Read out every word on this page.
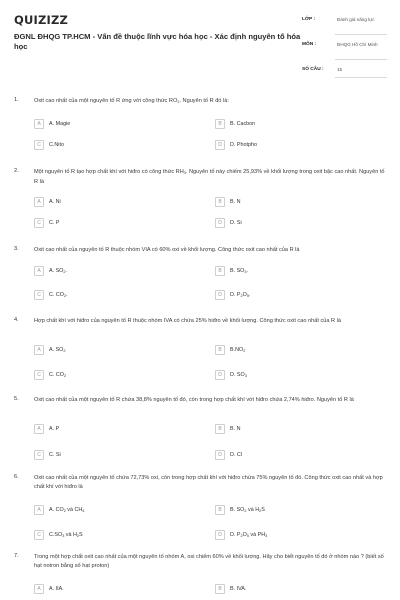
QUIZIZZ
ĐGNL ĐHQG TP.HCM - Vấn đề thuộc lĩnh vực hóa học - Xác định nguyên tố hóa học
LỚP :	Đánh giá năng lực
MÔN :	ĐHQG Hồ Chí Minh
SỐ CÂU :	15
1.	Oxit cao nhất của một nguyên tố R ứng với công thức $RO_2$. Nguyên tố R đó là:
A	A. Magie	B	B. Cacbon
C	C.Nito	D	D. Photpho
2.	Một nguyên tố R tạo hợp chất khí với hiđro có công thức $RH_3$. Nguyên tố này chiếm 25,93% về khối lượng trong oxit bậc cao nhất. Nguyên tố R là
A	A. Ni	B	B. N
C	C. P	D	D. Si
3.	Oxit cao nhất của nguyên tố R thuộc nhóm VIA có 60% oxi về khối lượng. Công thức oxit cao nhất của R là
A	A. $SO_2$.	B	B. $SO_3$.
C	C. $CO_2$.	D	D. $P_2O_5$.
4.	Hợp chất khí với hiđro của nguyên tố R thuộc nhóm IVA có chứa 25% hiđro về khối lượng. Công thức oxit cao nhất của R là
A	A. $SO_2$	B	$B.NO_2$
C	C. $CO_2$	D	D. $SO_3$
5.	Oxit cao nhất của một nguyên tố R chứa 38,8% nguyên tố đó, còn trong hợp chất khí với hiđro chứa 2,74% hiđro. Nguyên tố R là
A	A. P	B	B. N
C	C. Si	D	D. Cl
6.	Oxit cao nhất của một nguyên tố chứa 72,73% oxi, còn trong hợp chất khí với hiđro chứa 75% nguyên tố đó. Công thức oxit cao nhất và hợp chất khí với hiđro là
A	A. $CO_2$ và $CH_4$	B	B. $SO_2$ và $H_2S$
C	$C.SO_3$ và $H_2S$	D	D. $P_2O_5$ và $PH_3$
7.	Trong một hợp chất oxit cao nhất của một nguyên tố nhóm A, oxi chiếm 60% về khối lượng. Hãy cho biết nguyên tố đó ở nhóm nào ? (biết số hạt notron bằng số hạt proton)
A	A. IIA.	B	B. IVA.
